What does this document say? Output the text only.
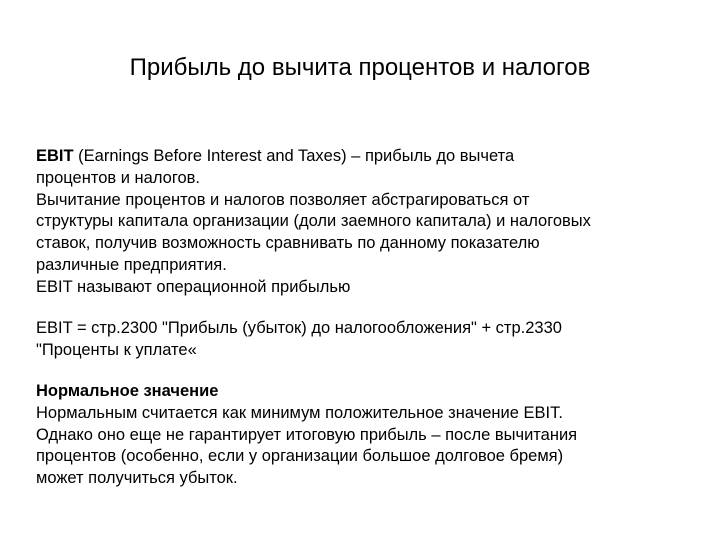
Прибыль до вычита процентов и налогов
EBIT (Earnings Before Interest and Taxes) – прибыль до вычета
процентов и налогов.
Вычитание процентов и налогов позволяет абстрагироваться от
структуры капитала организации (доли заемного капитала) и налоговых
ставок, получив возможность сравнивать по данному показателю
различные предприятия.
EBIT называют операционной прибылью
EBIT = стр.2300 "Прибыль (убыток) до налогообложения" + стр.2330
"Проценты к уплате«
Нормальное значение
Нормальным считается как минимум положительное значение EBIT.
Однако оно еще не гарантирует итоговую прибыль – после вычитания
процентов (особенно, если у организации большое долговое бремя)
может получиться убыток.
